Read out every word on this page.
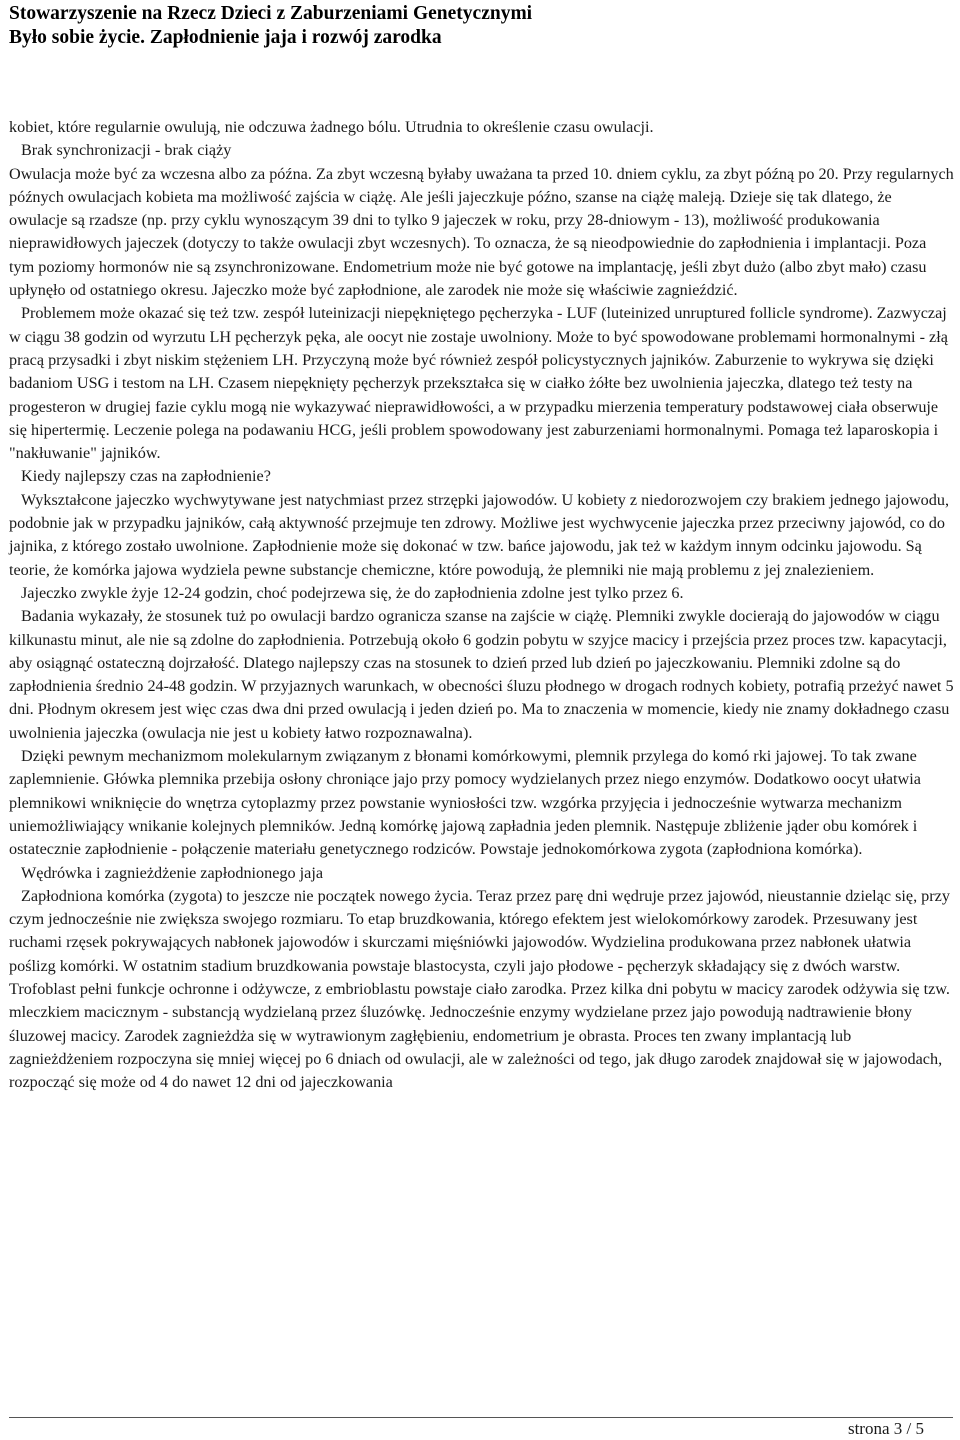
Stowarzyszenie na Rzecz Dzieci z Zaburzeniami Genetycznymi
Było sobie życie. Zapłodnienie jaja i rozwój zarodka

kobiet, które regularnie owulują, nie odczuwa żadnego bólu. Utrudnia to określenie czasu owulacji.

Brak synchronizacji - brak ciąży

Owulacja może być za wczesna albo za późna. Za zbyt wczesną byłaby uważana ta przed 10. dniem cyklu, za zbyt późną po 20. Przy regularnych późnych owulacjach kobieta ma możliwość zajścia w ciążę. Ale jeśli jajeczkuje późno, szanse na ciążę maleją. Dzieje się tak dlatego, że owulacje są rzadsze (np. przy cyklu wynoszącym 39 dni to tylko 9 jajeczek w roku, przy 28-dniowym - 13), możliwość produkowania nieprawidłowych jajeczek (dotyczy to także owulacji zbyt wczesnych). To oznacza, że są nieodpowiednie do zapłodnienia i implantacji. Poza tym poziomy hormonów nie są zsynchronizowane. Endometrium może nie być gotowe na implantację, jeśli zbyt dużo (albo zbyt mało) czasu upłynęło od ostatniego okresu. Jajeczko może być zapłodnione, ale zarodek nie może się właściwie zagnieździć.

Problemem może okazać się też tzw. zespół luteinizacji niepękniętego pęcherzyka - LUF (luteinized unruptured follicle syndrome). Zazwyczaj w ciągu 38 godzin od wyrzutu LH pęcherzyk pęka, ale oocyt nie zostaje uwolniony. Może to być spowodowane problemami hormonalnymi - złą pracą przysadki i zbyt niskim stężeniem LH. Przyczyną może być również zespół policystycznych jajników. Zaburzenie to wykrywa się dzięki badaniom USG i testom na LH. Czasem niepęknięty pęcherzyk przekształca się w ciałko żółte bez uwolnienia jajeczka, dlatego też testy na progesteron w drugiej fazie cyklu mogą nie wykazywać nieprawidłowości, a w przypadku mierzenia temperatury podstawowej ciała obserwuje się hipertermię. Leczenie polega na podawaniu HCG, jeśli problem spowodowany jest zaburzeniami hormonalnymi. Pomaga też laparoskopia i "nakłuwanie" jajników.

Kiedy najlepszy czas na zapłodnienie?

Wykształcone jajeczko wychwytywane jest natychmiast przez strzępki jajowodów. U kobiety z niedorozwojem czy brakiem jednego jajowodu, podobnie jak w przypadku jajników, całą aktywność przejmuje ten zdrowy. Możliwe jest wychwycenie jajeczka przez przeciwny jajowód, co do jajnika, z którego zostało uwolnione. Zapłodnienie może się dokonać w tzw. bańce jajowodu, jak też w każdym innym odcinku jajowodu. Są teorie, że komórka jajowa wydziela pewne substancje chemiczne, które powodują, że plemniki nie mają problemu z jej znalezieniem.

Jajeczko zwykle żyje 12-24 godzin, choć podejrzewa się, że do zapłodnienia zdolne jest tylko przez 6.

Badania wykazały, że stosunek tuż po owulacji bardzo ogranicza szanse na zajście w ciążę. Plemniki zwykle docierają do jajowodów w ciągu kilkunastu minut, ale nie są zdolne do zapłodnienia. Potrzebują około 6 godzin pobytu w szyjce macicy i przejścia przez proces tzw. kapacytacji, aby osiągnąć ostateczną dojrzałość. Dlatego najlepszy czas na stosunek to dzień przed lub dzień po jajeczkowaniu. Plemniki zdolne są do zapłodnienia średnio 24-48 godzin. W przyjaznych warunkach, w obecności śluzu płodnego w drogach rodnych kobiety, potrafią przeżyć nawet 5 dni. Płodnym okresem jest więc czas dwa dni przed owulacją i jeden dzień po. Ma to znaczenia w momencie, kiedy nie znamy dokładnego czasu uwolnienia jajeczka (owulacja nie jest u kobiety łatwo rozpoznawalna).

Dzięki pewnym mechanizmom molekularnym związanym z błonami komórkowymi, plemnik przylega do komó rki jajowej. To tak zwane zaplemnienie. Główka plemnika przebija osłony chroniące jajo przy pomocy wydzielanych przez niego enzymów. Dodatkowo oocyt ułatwia plemnikowi wniknięcie do wnętrza cytoplazmy przez powstanie wyniosłości tzw. wzgórka przyjęcia i jednocześnie wytwarza mechanizm uniemożliwiający wnikanie kolejnych plemników. Jedną komórkę jajową zapładnia jeden plemnik. Następuje zbliżenie jąder obu komórek i ostatecznie zapłodnienie - połączenie materiału genetycznego rodziców. Powstaje jednokomórkowa zygota (zapłodniona komórka).

Wędrówka i zagnieżdżenie zapłodnionego jaja

Zapłodniona komórka (zygota) to jeszcze nie początek nowego życia. Teraz przez parę dni wędruje przez jajowód, nieustannie dzieląc się, przy czym jednocześnie nie zwiększa swojego rozmiaru. To etap bruzdkowania, którego efektem jest wielokomórkowy zarodek. Przesuwany jest ruchami rzęsek pokrywających nabłonek jajowodów i skurczami mięśniówki jajowodów. Wydzielina produkowana przez nabłonek ułatwia poślizg komórki. W ostatnim stadium bruzdkowania powstaje blastocysta, czyli jajo płodowe - pęcherzyk składający się z dwóch warstw. Trofoblast pełni funkcje ochronne i odżywcze, z embrioblastu powstaje ciało zarodka. Przez kilka dni pobytu w macicy zarodek odżywia się tzw. mleczkiem macicznym - substancją wydzielaną przez śluzówkę. Jednocześnie enzymy wydzielane przez jajo powodują nadtrawienie błony śluzowej macicy. Zarodek zagnieżdża się w wytrawionym zagłębieniu, endometrium je obrasta. Proces ten zwany implantacją lub zagnieżdżeniem rozpoczyna się mniej więcej po 6 dniach od owulacji, ale w zależności od tego, jak długo zarodek znajdował się w jajowodach, rozpocząć się może od 4 do nawet 12 dni od jajeczkowania

strona 3 / 5
